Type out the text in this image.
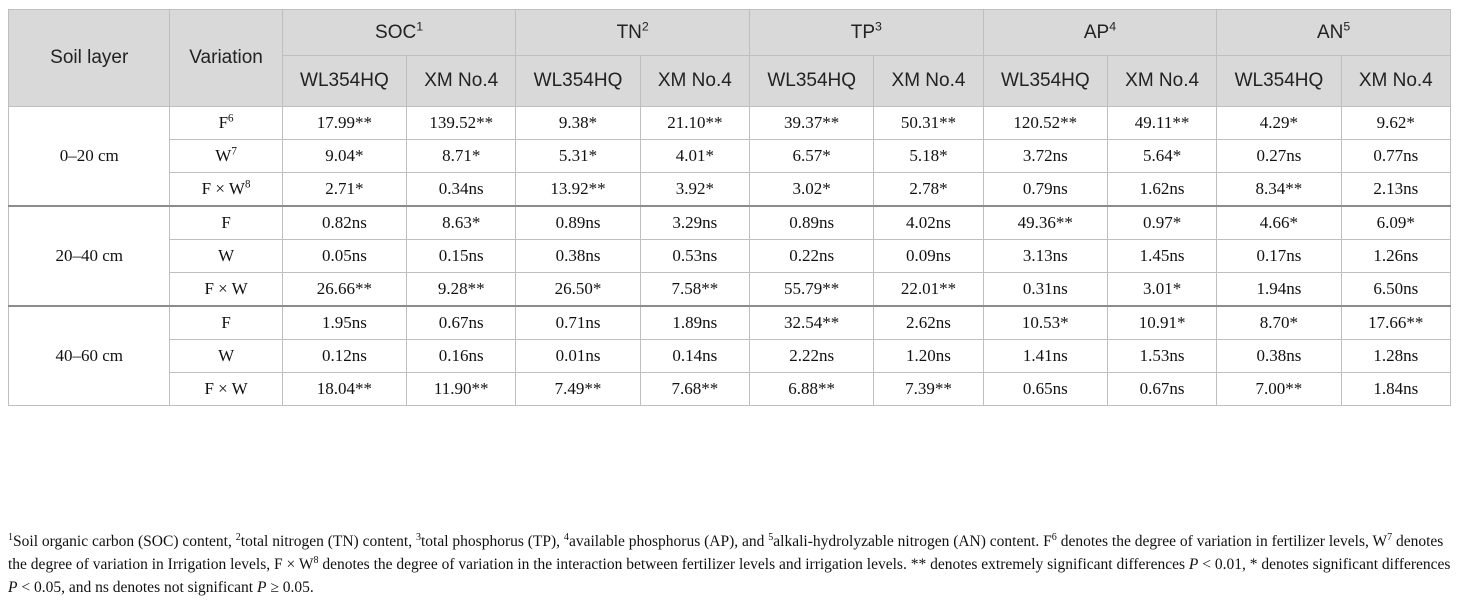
Soil layer	Variation	SOC$^1$		$TN^2$		$TP^3$		$AP^4$		$AN^5$
		WL354HQ	XM No.4	WL354HQ	XM No.4	WL354HQ	XM No.4	WL354HQ	XM No.4	WL354HQ	XM No.4
0–20 cm	$F^6$	17.99**	139.52**	9.38*	21.10**	39.37**	50.31**	120.52**	49.11**	4.29*	9.62*
	$W^7$	9.04*	8.71*	5.31*	4.01*	6.57*	5.18*	3.72ns	5.64*	0.27ns	0.77ns
	$F \times W^8$	2.71*	0.34ns	13.92**	3.92*	3.02*	2.78*	0.79ns	1.62ns	8.34**	2.13ns
20–40 cm	F	0.82ns	8.63*	0.89ns	3.29ns	0.89ns	4.02ns	49.36**	0.97*	4.66*	6.09*
	W	0.05ns	0.15ns	0.38ns	0.53ns	0.22ns	0.09ns	3.13ns	1.45ns	0.17ns	1.26ns
	F × W	26.66**	9.28**	26.50*	7.58**	55.79**	22.01**	0.31ns	3.01*	1.94ns	6.50ns
40–60 cm	F	1.95ns	0.67ns	0.71ns	1.89ns	32.54**	2.62ns	10.53*	10.91*	8.70*	17.66**
	W	0.12ns	0.16ns	0.01ns	0.14ns	2.22ns	1.20ns	1.41ns	1.53ns	0.38ns	1.28ns
	F × W	18.04**	11.90**	7.49**	7.68**	6.88**	7.39**	0.65ns	0.67ns	7.00**	1.84ns

$^1$Soil organic carbon (SOC) content, $^2$total nitrogen (TN) content, $^3$total phosphorus (TP), $^4$available phosphorus (AP), and $^5$alkali-hydrolyzable nitrogen (AN) content. $F^6$ denotes the degree of variation in fertilizer levels, $W^7$ denotes the degree of variation in Irrigation levels, $F \times W^8$ denotes the degree of variation in the interaction between fertilizer levels and irrigation levels. ** denotes extremely significant differences P < 0.01, * denotes significant differences P < 0.05, and ns denotes not significant P ≥ 0.05.
